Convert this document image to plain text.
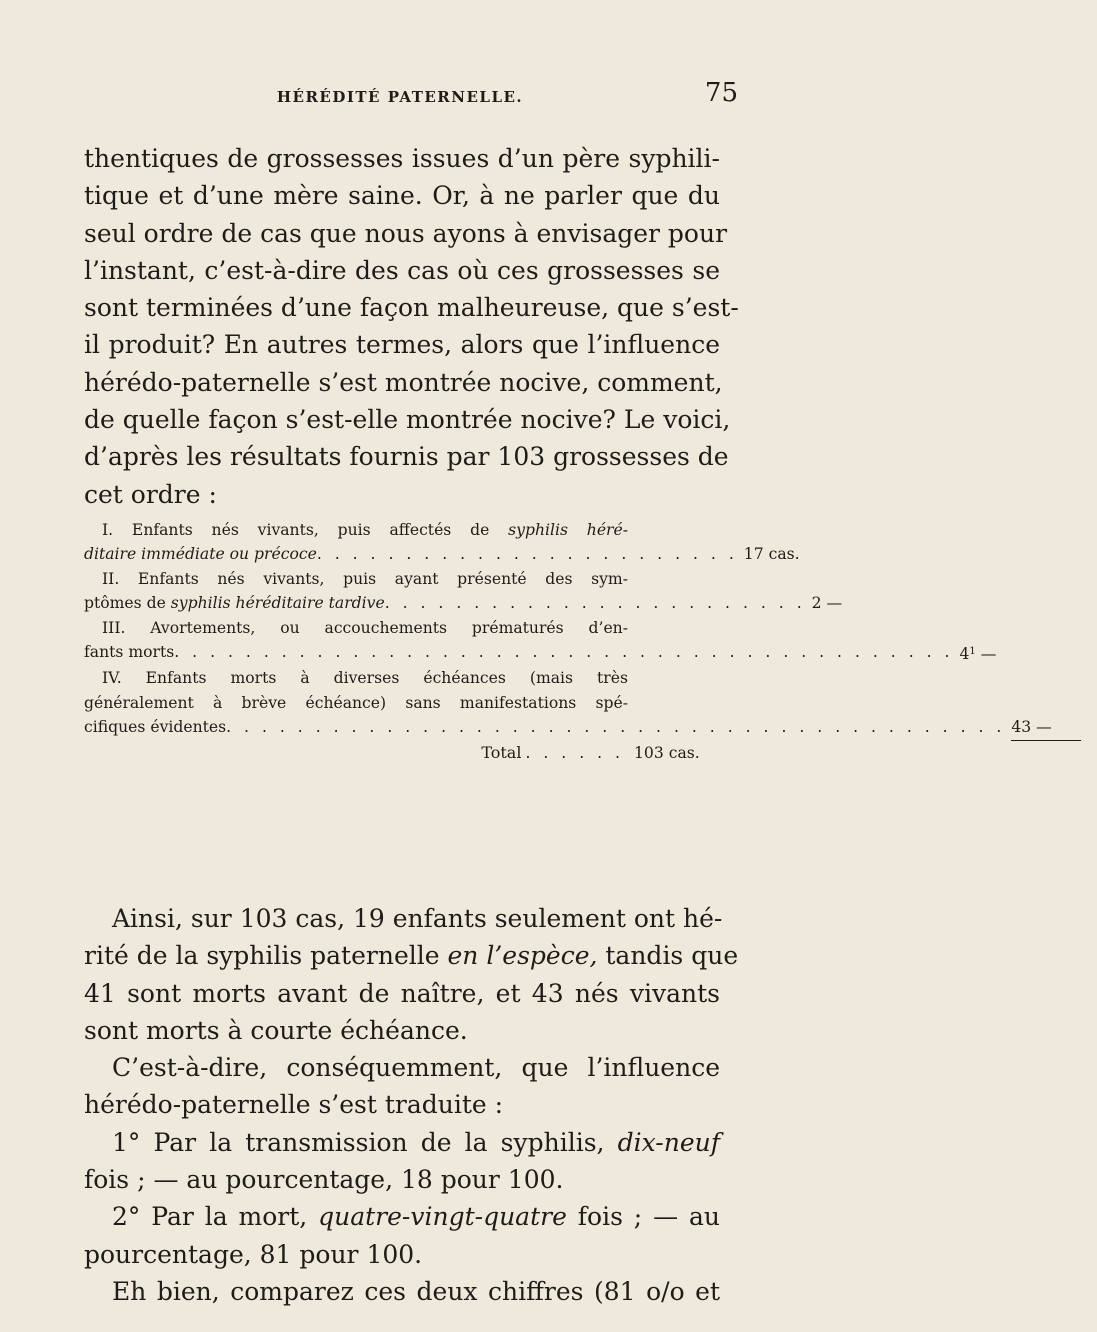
HÉRÉDITÉ PATERNELLE.	75
thentiques de grossesses issues d’un père syphili-
tique et d’une mère saine. Or, à ne parler que du
seul ordre de cas que nous ayons à envisager pour
l’instant, c’est-à-dire des cas où ces grossesses se
sont terminées d’une façon malheureuse, que s’est-
il produit? En autres termes, alors que l’influence
hérédo-paternelle s’est montrée nocive, comment,
de quelle façon s’est-elle montrée nocive? Le voici,
d’après les résultats fournis par 103 grossesses de
cet ordre :
I. Enfants nés vivants, puis affectés de syphilis héré-
ditaire immédiate ou précoce . . . . . . . . . . . . . . . . . . . . . . . . 17 cas.
II. Enfants nés vivants, puis ayant présenté des sym-
ptômes de syphilis héréditaire tardive . . . . . . . . . . . . . . . . . . . . . . . . 2 —
III. Avortements, ou accouchements prématurés d’en-
fants morts . . . . . . . . . . . . . . . . . . . . . . . . . . . . . . . . . . . . . . . . . . . . $4^1$ —
IV. Enfants morts à diverses échéances (mais très
généralement à brève échéance) sans manifestations spé-
cifiques évidentes . . . . . . . . . . . . . . . . . . . . . . . . . . . . . . . . . . . . . . . . . . . . 43 —
Total . . . . . . 103 cas.
Ainsi, sur 103 cas, 19 enfants seulement ont hé-
rité de la syphilis paternelle en l’espèce, tandis que
41 sont morts avant de naître, et 43 nés vivants
sont morts à courte échéance.
C’est-à-dire, conséquemment, que l’influence
hérédo-paternelle s’est traduite :
1° Par la transmission de la syphilis, dix-neuf
fois ; — au pourcentage, 18 pour 100.
2° Par la mort, quatre-vingt-quatre fois ; — au
pourcentage, 81 pour 100.
Eh bien, comparez ces deux chiffres (81 o/o et
